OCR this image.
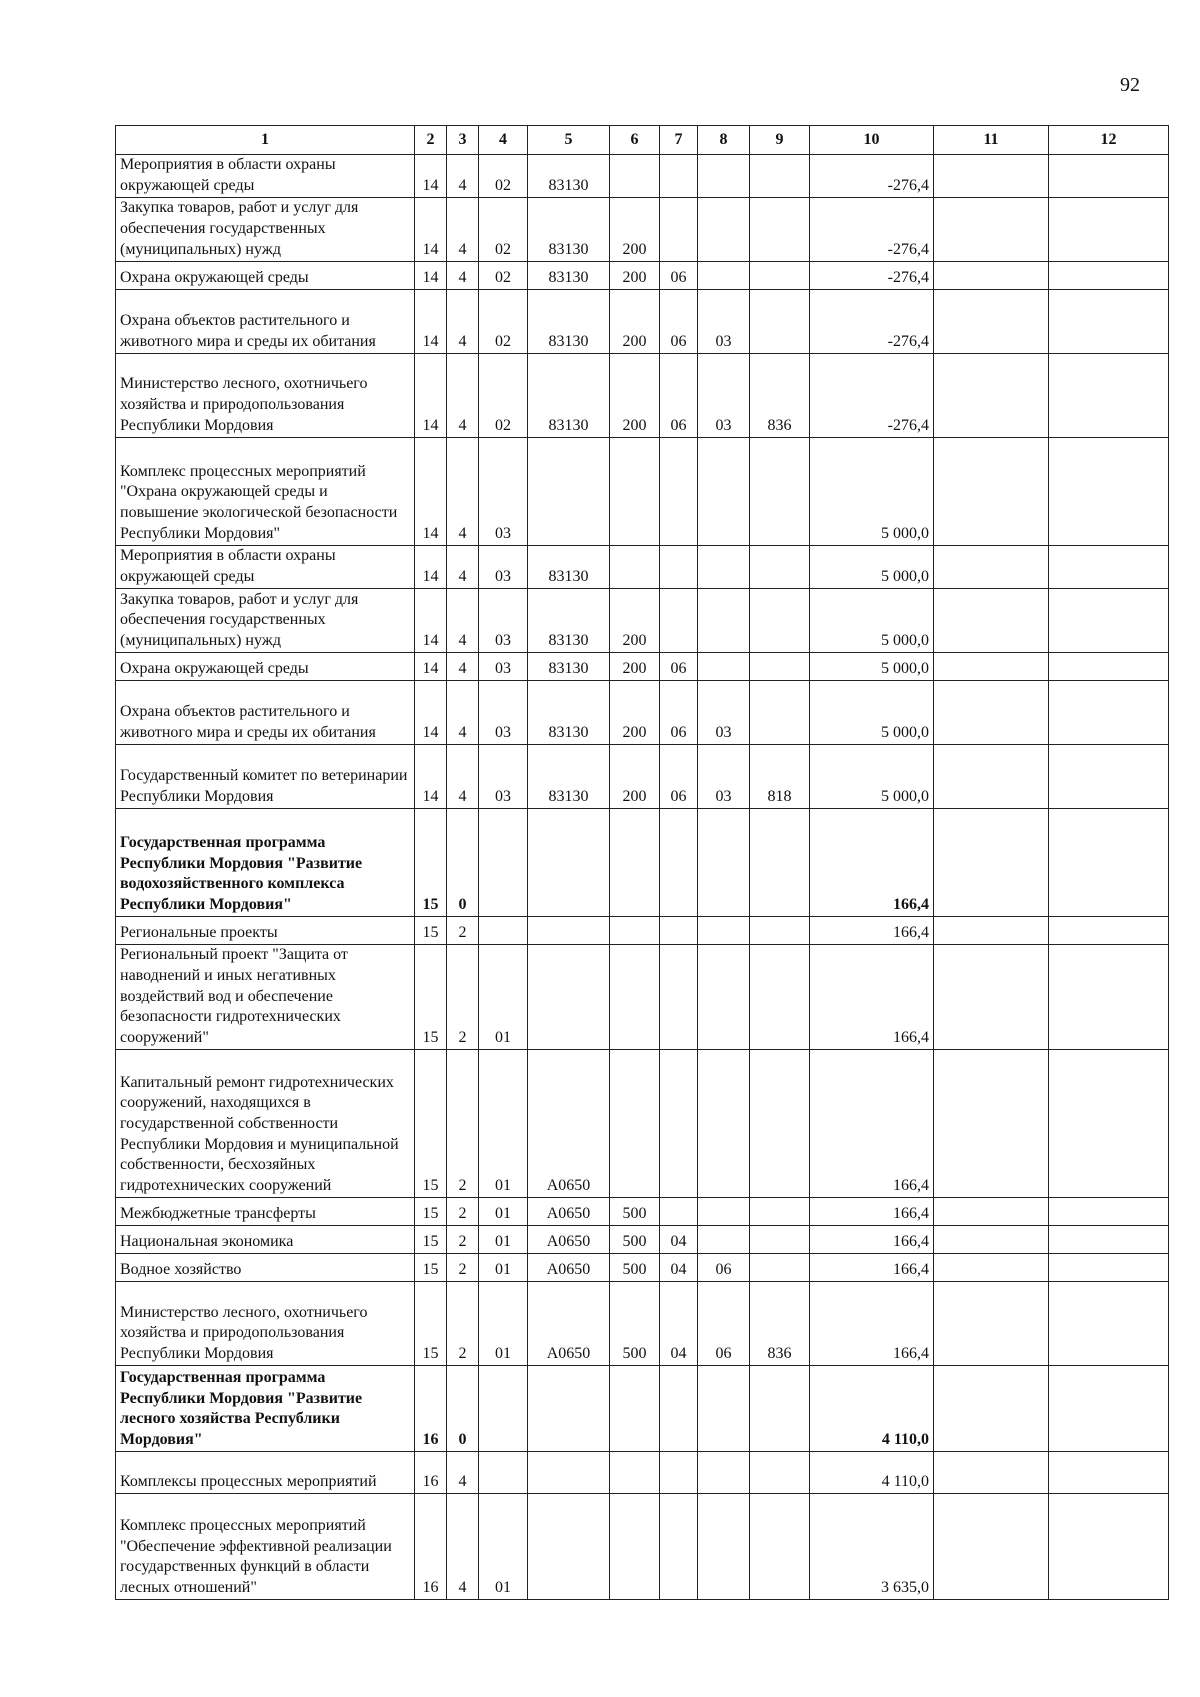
92
1	2	3	4	5	6	7	8	9	10	11	12
Мероприятия в области охраны окружающей среды	14	4	02	83130					-276,4		
Закупка товаров, работ и услуг для обеспечения государственных (муниципальных) нужд	14	4	02	83130	200				-276,4		
Охрана окружающей среды	14	4	02	83130	200	06			-276,4		
Охрана объектов растительного и животного мира и среды их обитания	14	4	02	83130	200	06	03		-276,4		
Министерство лесного, охотничьего хозяйства и природопользования Республики Мордовия	14	4	02	83130	200	06	03	836	-276,4		
Комплекс процессных мероприятий "Охрана окружающей среды и повышение экологической безопасности Республики Мордовия"	14	4	03						5 000,0		
Мероприятия в области охраны окружающей среды	14	4	03	83130					5 000,0		
Закупка товаров, работ и услуг для обеспечения государственных (муниципальных) нужд	14	4	03	83130	200				5 000,0		
Охрана окружающей среды	14	4	03	83130	200	06			5 000,0		
Охрана объектов растительного и животного мира и среды их обитания	14	4	03	83130	200	06	03		5 000,0		
Государственный комитет по ветеринарии Республики Мордовия	14	4	03	83130	200	06	03	818	5 000,0		
Государственная программа Республики Мордовия "Развитие водохозяйственного комплекса Республики Мордовия"	15	0							166,4		
Региональные проекты	15	2							166,4		
Региональный проект "Защита от наводнений и иных негативных воздействий вод и обеспечение безопасности гидротехнических сооружений"	15	2	01						166,4		
Капитальный ремонт гидротехнических сооружений, находящихся в государственной собственности Республики Мордовия и муниципальной собственности, бесхозяйных гидротехнических сооружений	15	2	01	А0650					166,4		
Межбюджетные трансферты	15	2	01	А0650	500				166,4		
Национальная экономика	15	2	01	А0650	500	04			166,4		
Водное хозяйство	15	2	01	А0650	500	04	06		166,4		
Министерство лесного, охотничьего хозяйства и природопользования Республики Мордовия	15	2	01	А0650	500	04	06	836	166,4		
Государственная программа Республики Мордовия "Развитие лесного хозяйства Республики Мордовия"	16	0							4 110,0		
Комплексы процессных мероприятий	16	4							4 110,0		
Комплекс процессных мероприятий "Обеспечение эффективной реализации государственных функций в области лесных отношений"	16	4	01						3 635,0		
